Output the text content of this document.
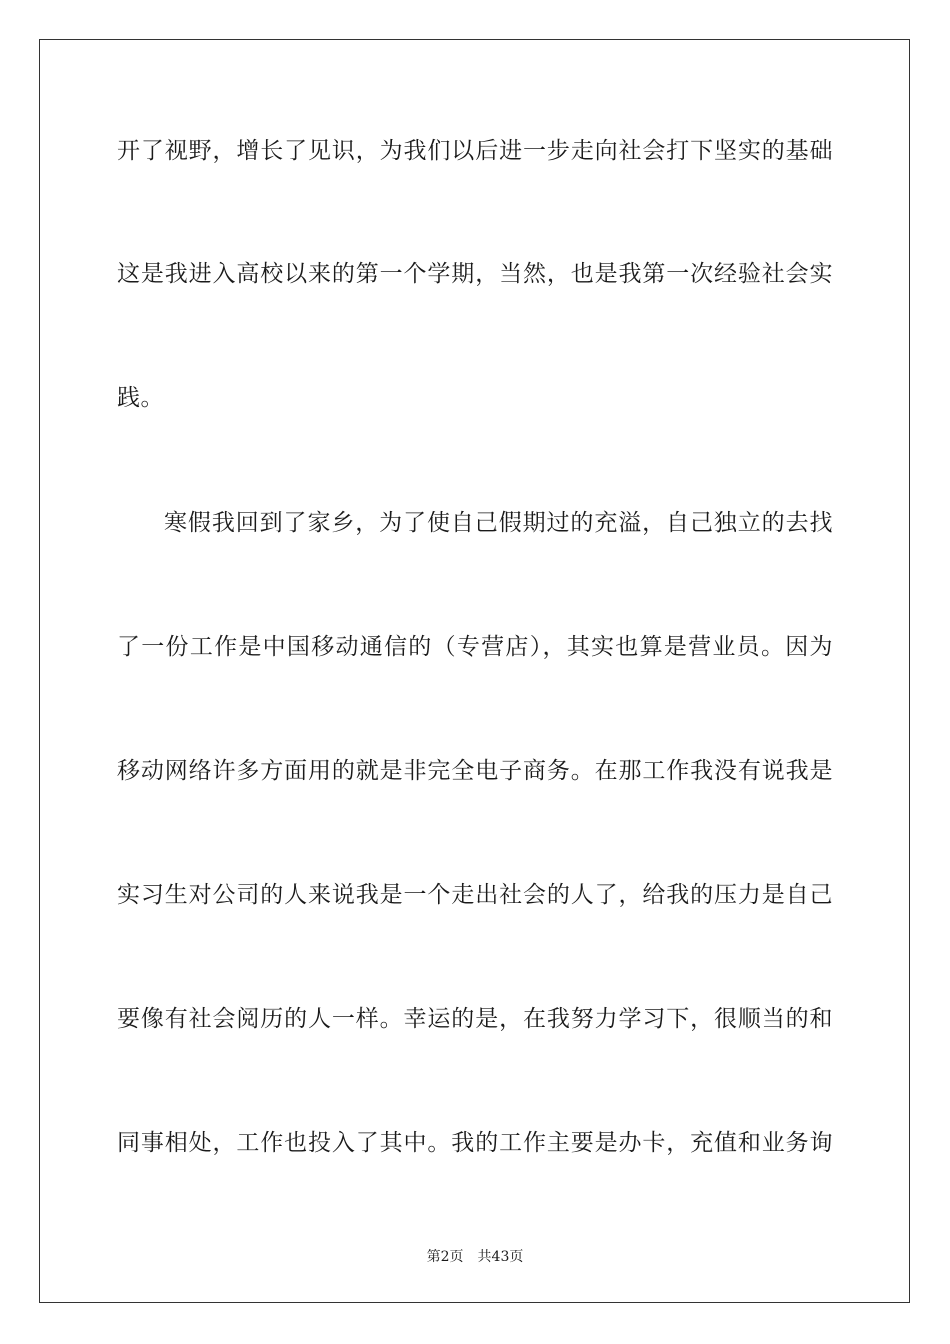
开了视野，增长了见识，为我们以后进一步走向社会打下坚实的基础
这是我进入高校以来的第一个学期，当然，也是我第一次经验社会实
践。
寒假我回到了家乡，为了使自己假期过的充溢，自己独立的去找
了一份工作是中国移动通信的（专营店），其实也算是营业员。因为
移动网络许多方面用的就是非完全电子商务。在那工作我没有说我是
实习生对公司的人来说我是一个走出社会的人了，给我的压力是自己
要像有社会阅历的人一样。幸运的是，在我努力学习下，很顺当的和
同事相处，工作也投入了其中。我的工作主要是办卡，充值和业务询
第2页 共43页
